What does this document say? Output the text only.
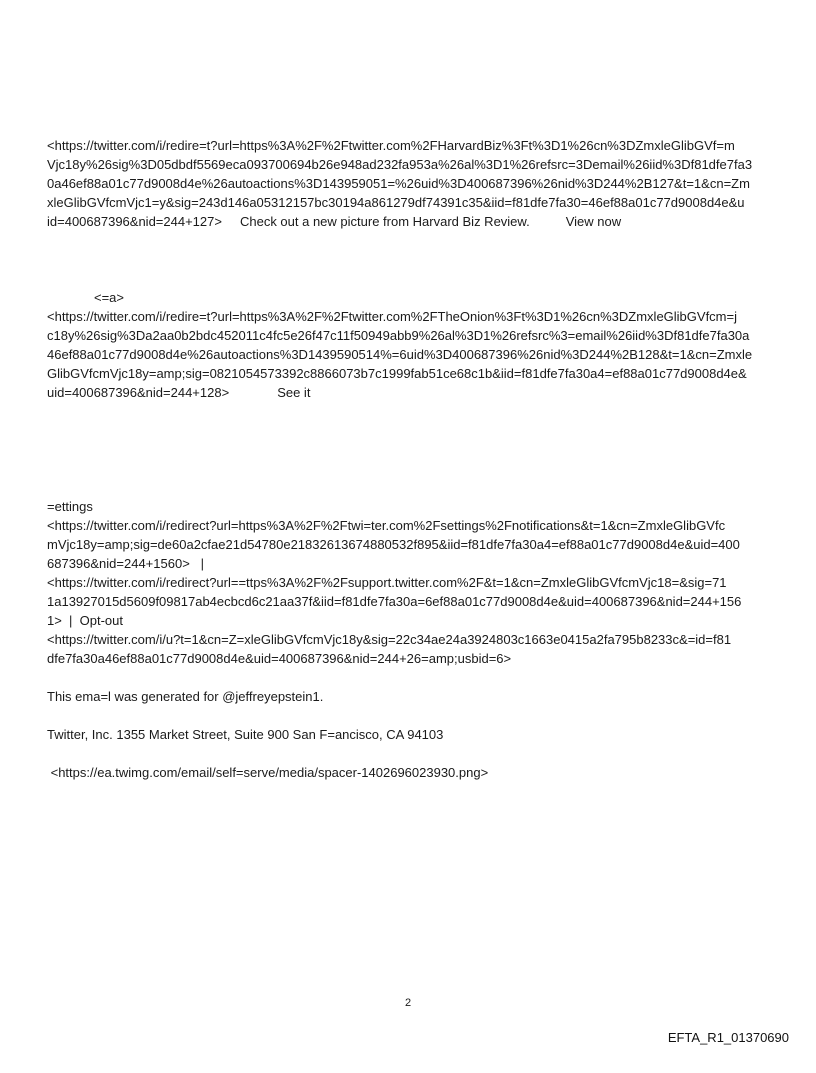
<https://twitter.com/i/redire=t?url=https%3A%2F%2Ftwitter.com%2FHarvardBiz%3Ft%3D1%26cn%3DZmxleGlibGVf=m
Vjc18y%26sig%3D05dbdf5569eca093700694b26e948ad232fa953a%26al%3D1%26refsrc=3Demail%26iid%3Df81dfe7fa3
0a46ef88a01c77d9008d4e%26autoactions%3D143959051=%26uid%3D400687396%26nid%3D244%2B127&t=1&cn=Zm
xleGlibGVfcmVjc1=y&sig=243d146a05312157bc30194a861279df74391c35&iid=f81dfe7fa30=46ef88a01c77d9008d4e&u
id=400687396&nid=244+127> Check out a new picture from Harvard Biz Review.	View now
<=a>
<https://twitter.com/i/redire=t?url=https%3A%2F%2Ftwitter.com%2FTheOnion%3Ft%3D1%26cn%3DZmxleGlibGVfcm=j
c18y%26sig%3Da2aa0b2bdc452011c4fc5e26f47c11f50949abb9%26al%3D1%26refsrc%3=email%26iid%3Df81dfe7fa30a
46ef88a01c77d9008d4e%26autoactions%3D1439590514%=6uid%3D400687396%26nid%3D244%2B128&t=1&cn=Zmxle
GlibGVfcmVjc18y=amp;sig=0821054573392c8866073b7c1999fab51ce68c1b&iid=f81dfe7fa30a4=ef88a01c77d9008d4e&
uid=400687396&nid=244+128>	See it
=ettings
<https://twitter.com/i/redirect?url=https%3A%2F%2Ftwi=ter.com%2Fsettings%2Fnotifications&t=1&cn=ZmxleGlibGVfc
mVjc18y=amp;sig=de60a2cfae21d54780e21832613674880532f895&iid=f81dfe7fa30a4=ef88a01c77d9008d4e&uid=400
687396&nid=244+1560>   |
<https://twitter.com/i/redirect?url==ttps%3A%2F%2Fsupport.twitter.com%2F&t=1&cn=ZmxleGlibGVfcmVjc18=&sig=71
1a13927015d5609f09817ab4ecbcd6c21aa37f&iid=f81dfe7fa30a=6ef88a01c77d9008d4e&uid=400687396&nid=244+156
1>  |  Opt-out
<https://twitter.com/i/u?t=1&cn=Z=xleGlibGVfcmVjc18y&sig=22c34ae24a3924803c1663e0415a2fa795b8233c&=id=f81
dfe7fa30a46ef88a01c77d9008d4e&uid=400687396&nid=244+26=amp;usbid=6>
This ema=l was generated for @jeffreyepstein1.
Twitter, Inc. 1355 Market Street, Suite 900 San F=ancisco, CA 94103
<https://ea.twimg.com/email/self=serve/media/spacer-1402696023930.png>
2
EFTA_R1_01370690
